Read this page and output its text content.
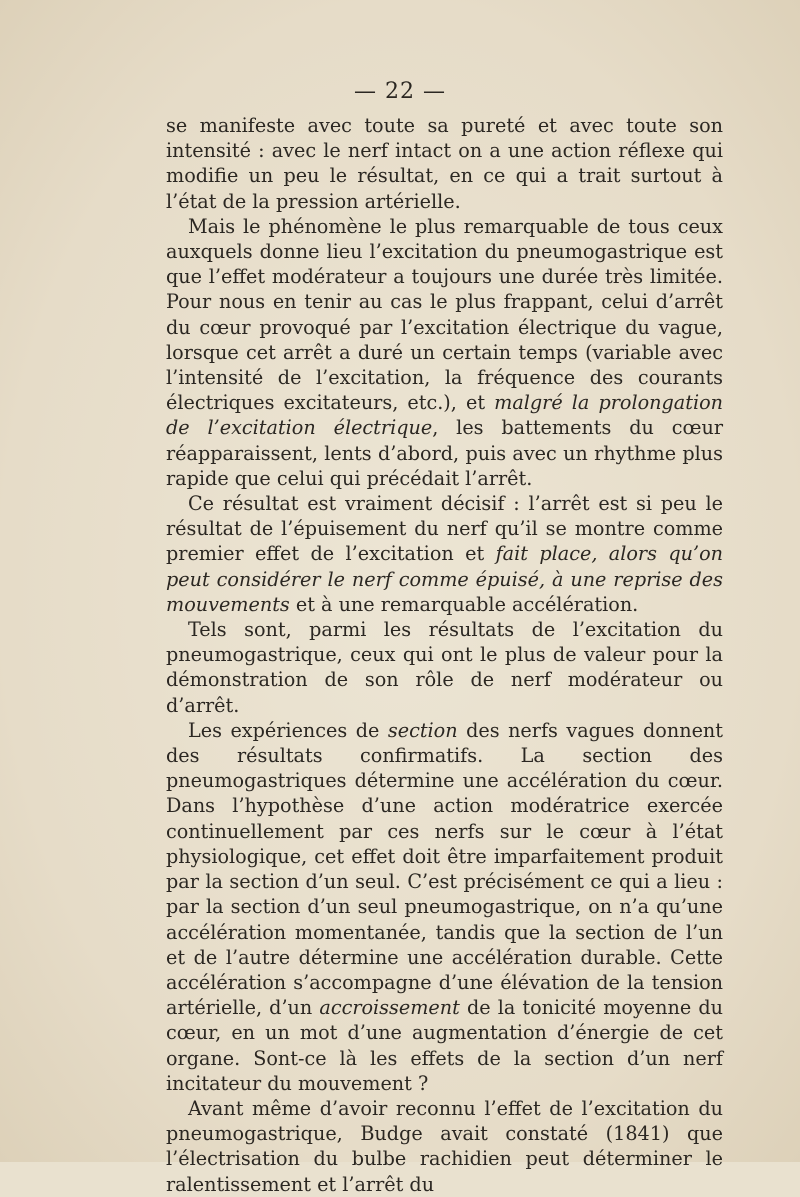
— 22 —

se manifeste avec toute sa pureté et avec toute son intensité : avec le nerf intact on a une action réflexe qui modifie un peu le résultat, en ce qui a trait surtout à l’état de la pression artérielle.

Mais le phénomène le plus remarquable de tous ceux auxquels donne lieu l’excitation du pneumogastrique est que l’effet modérateur a toujours une durée très limitée. Pour nous en tenir au cas le plus frappant, celui d’arrêt du cœur provoqué par l’excitation électrique du vague, lorsque cet arrêt a duré un certain temps (variable avec l’intensité de l’excitation, la fréquence des courants électriques excitateurs, etc.), et malgré la prolongation de l’excitation électrique, les battements du cœur réapparaissent, lents d’abord, puis avec un rhythme plus rapide que celui qui précédait l’arrêt.

Ce résultat est vraiment décisif : l’arrêt est si peu le résultat de l’épuisement du nerf qu’il se montre comme premier effet de l’excitation et fait place, alors qu’on peut considérer le nerf comme épuisé, à une reprise des mouvements et à une remarquable accélération.

Tels sont, parmi les résultats de l’excitation du pneumogastrique, ceux qui ont le plus de valeur pour la démonstration de son rôle de nerf modérateur ou d’arrêt.

Les expériences de section des nerfs vagues donnent des résultats confirmatifs. La section des pneumogastriques détermine une accélération du cœur. Dans l’hypothèse d’une action modératrice exercée continuellement par ces nerfs sur le cœur à l’état physiologique, cet effet doit être imparfaitement produit par la section d’un seul. C’est précisément ce qui a lieu : par la section d’un seul pneumogastrique, on n’a qu’une accélération momentanée, tandis que la section de l’un et de l’autre détermine une accélération durable. Cette accélération s’accompagne d’une élévation de la tension artérielle, d’un accroissement de la tonicité moyenne du cœur, en un mot d’une augmentation d’énergie de cet organe. Sont-ce là les effets de la section d’un nerf incitateur du mouvement ?

Avant même d’avoir reconnu l’effet de l’excitation du pneumogastrique, Budge avait constaté (1841) que l’électrisation du bulbe rachidien peut déterminer le ralentissement et l’arrêt du
